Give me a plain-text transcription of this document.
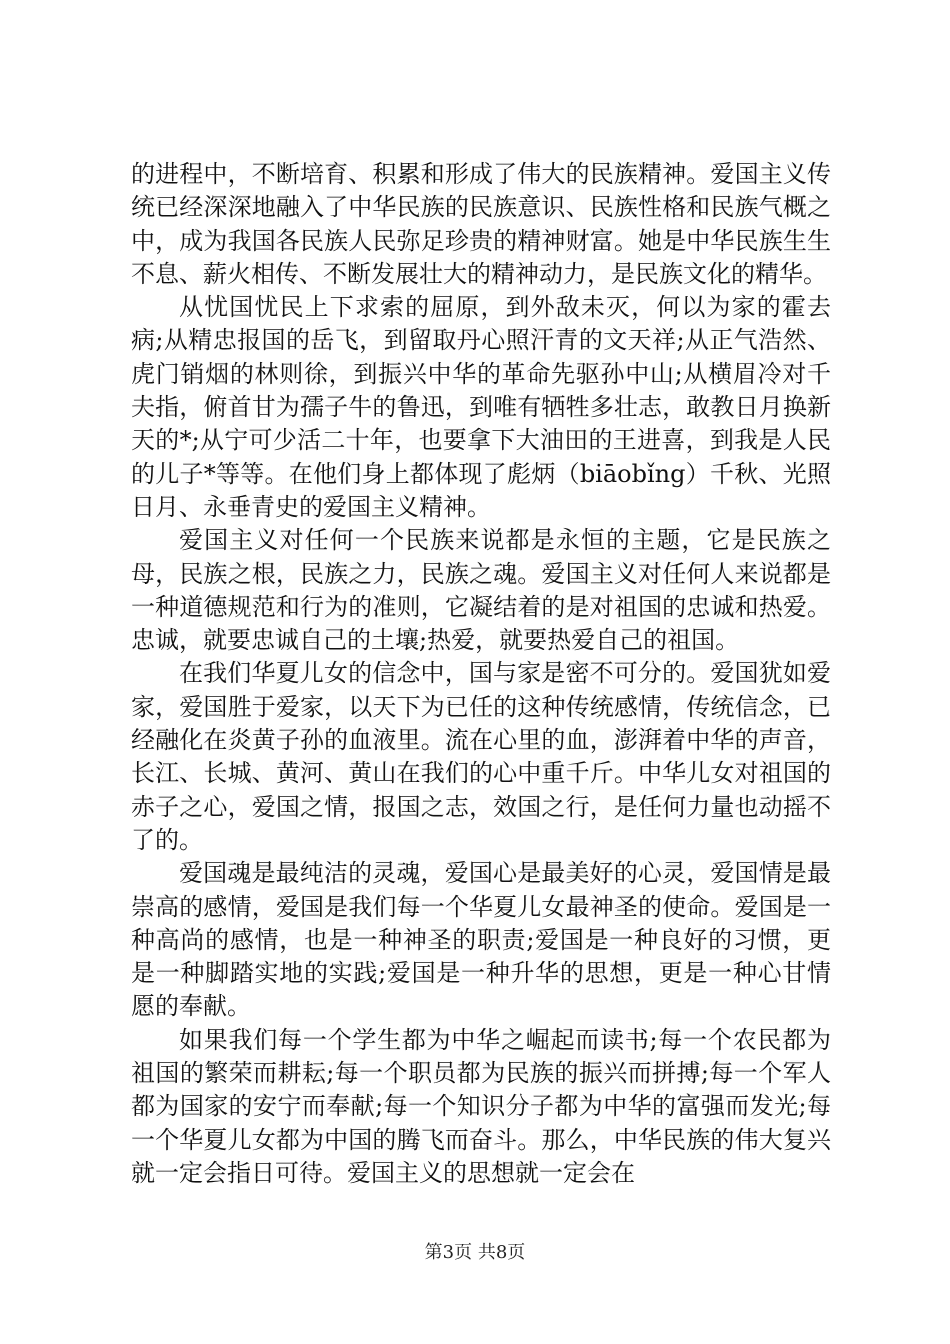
的进程中，不断培育、积累和形成了伟大的民族精神。爱国主义传统已经深深地融入了中华民族的民族意识、民族性格和民族气概之中，成为我国各民族人民弥足珍贵的精神财富。她是中华民族生生不息、薪火相传、不断发展壮大的精神动力，是民族文化的精华。

从忧国忧民上下求索的屈原，到外敌未灭，何以为家的霍去病;从精忠报国的岳飞，到留取丹心照汗青的文天祥;从正气浩然、虎门销烟的林则徐，到振兴中华的革命先驱孙中山;从横眉冷对千夫指，俯首甘为孺子牛的鲁迅，到唯有牺牲多壮志，敢教日月换新天的*;从宁可少活二十年，也要拿下大油田的王进喜，到我是人民的儿子*等等。在他们身上都体现了彪炳（biāobǐng）千秋、光照日月、永垂青史的爱国主义精神。

爱国主义对任何一个民族来说都是永恒的主题，它是民族之母，民族之根，民族之力，民族之魂。爱国主义对任何人来说都是一种道德规范和行为的准则，它凝结着的是对祖国的忠诚和热爱。忠诚，就要忠诚自己的土壤;热爱，就要热爱自己的祖国。

在我们华夏儿女的信念中，国与家是密不可分的。爱国犹如爱家，爱国胜于爱家，以天下为已任的这种传统感情，传统信念，已经融化在炎黄子孙的血液里。流在心里的血，澎湃着中华的声音，长江、长城、黄河、黄山在我们的心中重千斤。中华儿女对祖国的赤子之心，爱国之情，报国之志，效国之行，是任何力量也动摇不了的。

爱国魂是最纯洁的灵魂，爱国心是最美好的心灵，爱国情是最崇高的感情，爱国是我们每一个华夏儿女最神圣的使命。爱国是一种高尚的感情，也是一种神圣的职责;爱国是一种良好的习惯，更是一种脚踏实地的实践;爱国是一种升华的思想，更是一种心甘情愿的奉献。

如果我们每一个学生都为中华之崛起而读书;每一个农民都为祖国的繁荣而耕耘;每一个职员都为民族的振兴而拼搏;每一个军人都为国家的安宁而奉献;每一个知识分子都为中华的富强而发光;每一个华夏儿女都为中国的腾飞而奋斗。那么，中华民族的伟大复兴就一定会指日可待。爱国主义的思想就一定会在

第3页 共8页
